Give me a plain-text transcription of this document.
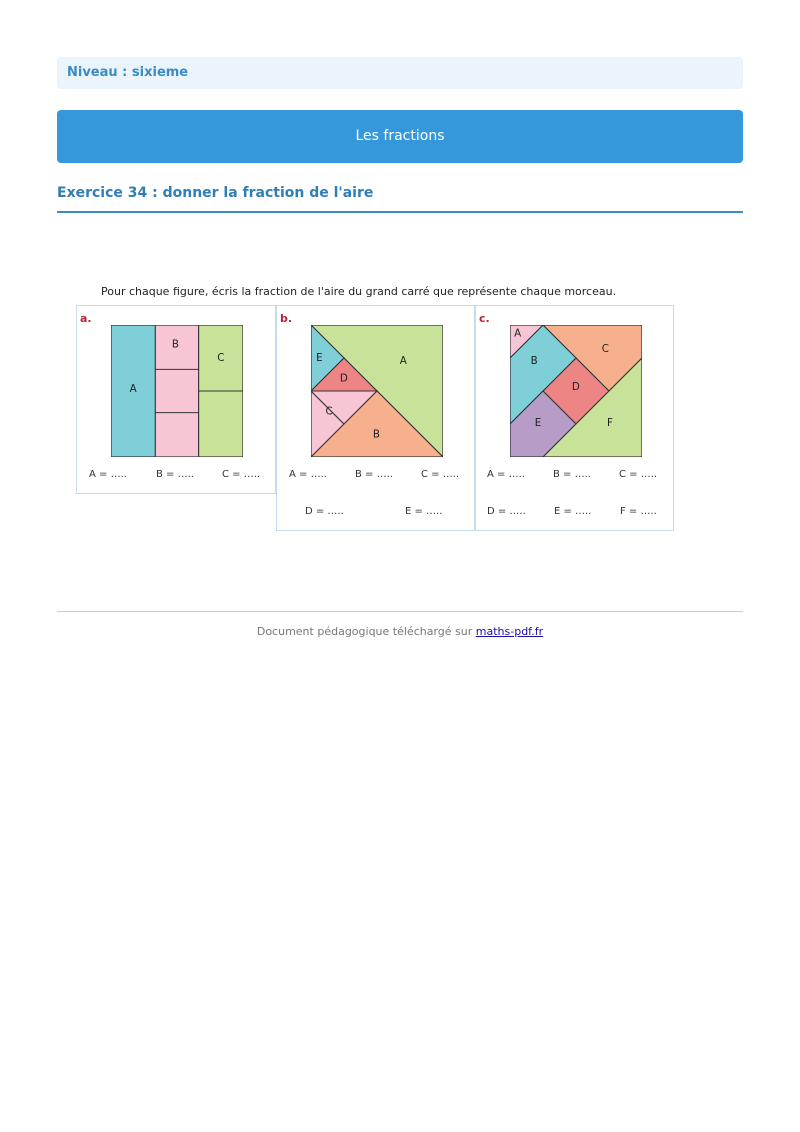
Niveau : sixieme
Les fractions
Exercice 34 : donner la fraction de l'aire
Pour chaque figure, écris la fraction de l'aire du grand carré que représente chaque morceau.
a.
A
B
C
A = …..	B = …..	C = …..
b.
A
B
C
D
E
A = …..	B = …..	C = …..
D = …..	E = …..
c.
A
B
C
D
E	F
A = …..	B = …..	C = …..
D = …..	E = …..	F = …..
Document pédagogique téléchargé sur maths-pdf.fr
